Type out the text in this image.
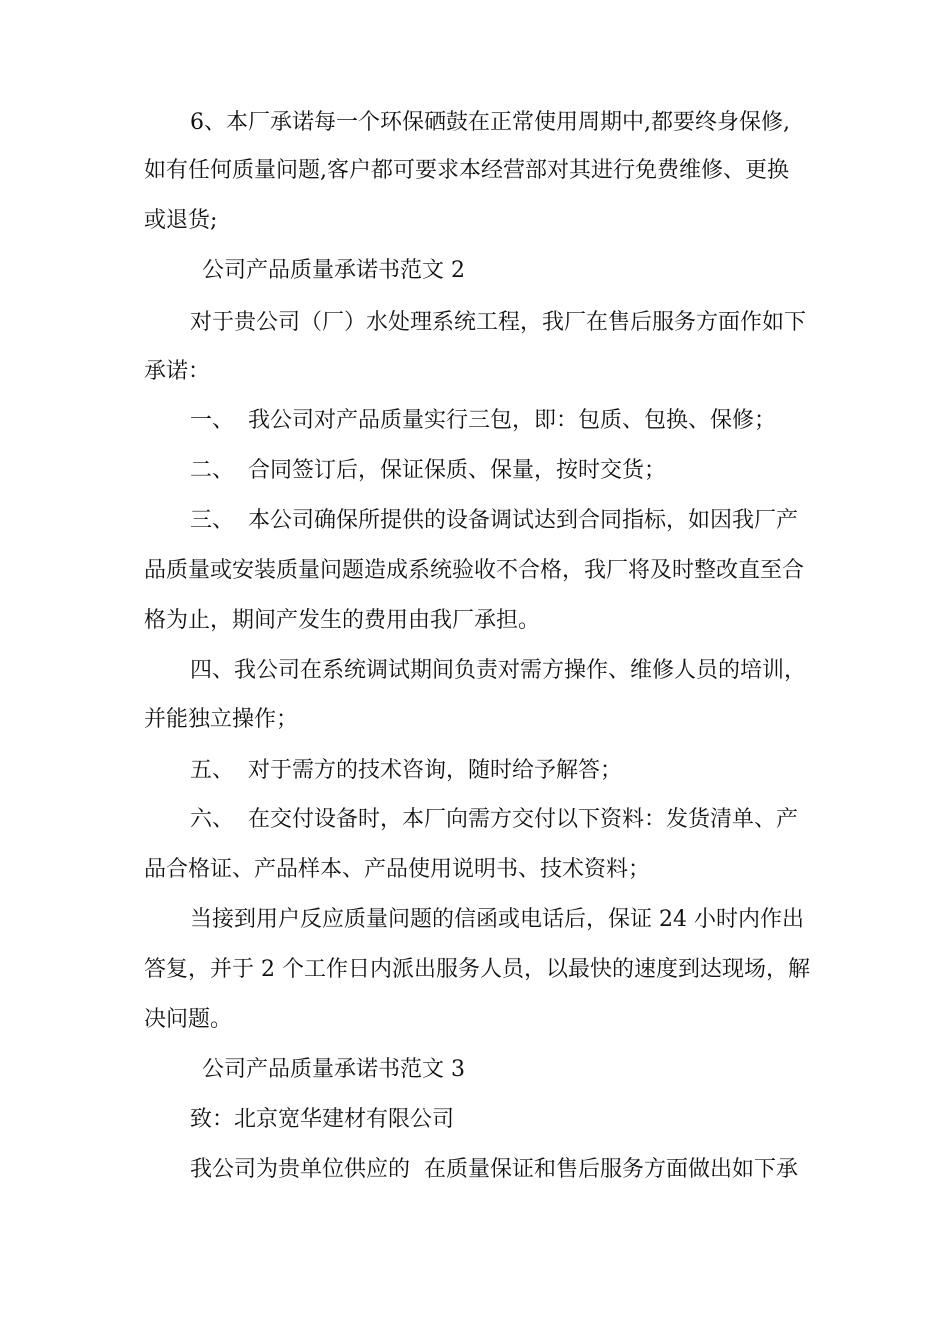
6、本厂承诺每一个环保硒鼓在正常使用周期中,都要终身保修,
如有任何质量问题,客户都可要求本经营部对其进行免费维修、更换
或退货;
公司产品质量承诺书范文 2
对于贵公司（厂）水处理系统工程，我厂在售后服务方面作如下
承诺：
一、  我公司对产品质量实行三包，即：包质、包换、保修；
二、  合同签订后，保证保质、保量，按时交货；
三、  本公司确保所提供的设备调试达到合同指标，如因我厂产
品质量或安装质量问题造成系统验收不合格，我厂将及时整改直至合
格为止，期间产发生的费用由我厂承担。
四、我公司在系统调试期间负责对需方操作、维修人员的培训，
并能独立操作；
五、  对于需方的技术咨询，随时给予解答；
六、  在交付设备时，本厂向需方交付以下资料：发货清单、产
品合格证、产品样本、产品使用说明书、技术资料；
当接到用户反应质量问题的信函或电话后，保证 24 小时内作出
答复，并于 2 个工作日内派出服务人员，以最快的速度到达现场，解
决问题。
公司产品质量承诺书范文 3
致：北京宽华建材有限公司
我公司为贵单位供应的  在质量保证和售后服务方面做出如下承
